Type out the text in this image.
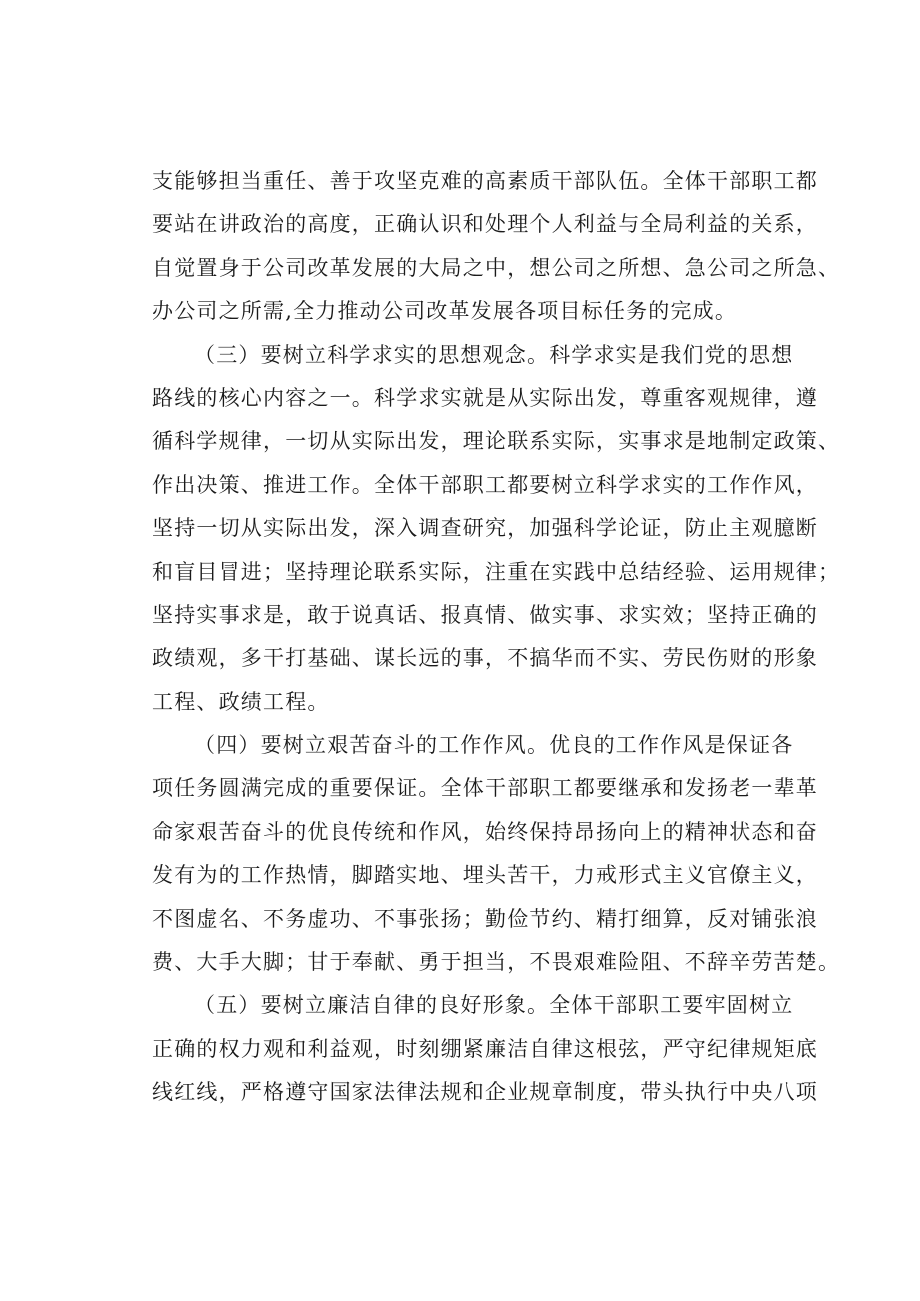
支能够担当重任、善于攻坚克难的高素质干部队伍。全体干部职工都
要站在讲政治的高度，正确认识和处理个人利益与全局利益的关系，
自觉置身于公司改革发展的大局之中，想公司之所想、急公司之所急、
办公司之所需,全力推动公司改革发展各项目标任务的完成。
（三）要树立科学求实的思想观念。科学求实是我们党的思想
路线的核心内容之一。科学求实就是从实际出发，尊重客观规律，遵
循科学规律，一切从实际出发，理论联系实际，实事求是地制定政策、
作出决策、推进工作。全体干部职工都要树立科学求实的工作作风，
坚持一切从实际出发，深入调查研究，加强科学论证，防止主观臆断
和盲目冒进；坚持理论联系实际，注重在实践中总结经验、运用规律；
坚持实事求是，敢于说真话、报真情、做实事、求实效；坚持正确的
政绩观，多干打基础、谋长远的事，不搞华而不实、劳民伤财的形象
工程、政绩工程。
（四）要树立艰苦奋斗的工作作风。优良的工作作风是保证各
项任务圆满完成的重要保证。全体干部职工都要继承和发扬老一辈革
命家艰苦奋斗的优良传统和作风，始终保持昂扬向上的精神状态和奋
发有为的工作热情，脚踏实地、埋头苦干，力戒形式主义官僚主义，
不图虚名、不务虚功、不事张扬；勤俭节约、精打细算，反对铺张浪
费、大手大脚；甘于奉献、勇于担当，不畏艰难险阻、不辞辛劳苦楚。
（五）要树立廉洁自律的良好形象。全体干部职工要牢固树立
正确的权力观和利益观，时刻绷紧廉洁自律这根弦，严守纪律规矩底
线红线，严格遵守国家法律法规和企业规章制度，带头执行中央八项
